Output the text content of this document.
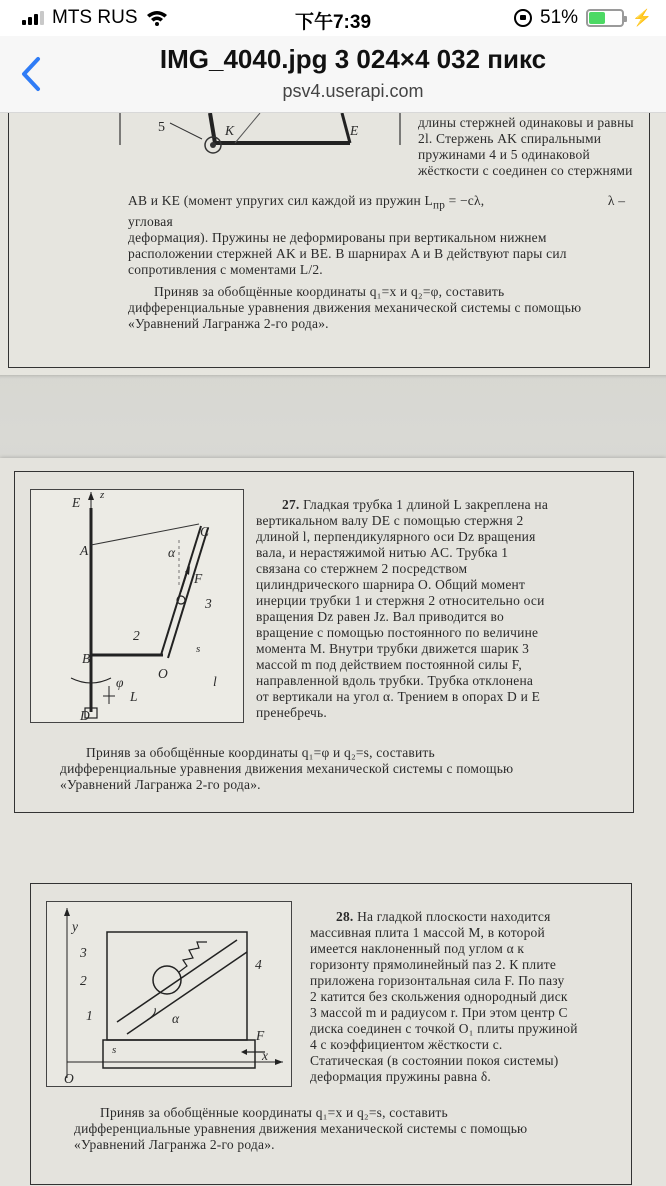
MTS RUS	下午7:39	51%	⚡
IMG_4040.jpg 3 024×4 032 пикс
psv4.userapi.com
5	K	E

длины стержней одинаковы и равны

2l. Стержень AK спиральными

пружинами 4 и 5 одинаковой

жёсткости с соединен со стержнями

AB и KE (момент упругих сил каждой из пружин $L_{пр} = -c\lambda$,	λ – угловая

деформация). Пружины не деформированы при вертикальном нижнем

расположении стержней AK и BE. В шарнирах A и B действуют пары сил

сопротивления с моментами L/2.

Приняв за обобщённые координаты q₁=x и q₂=φ, составить

дифференциальные уравнения движения механической системы с помощью

«Уравнений Лагранжа 2-го рода».

E z
C
A	α
F
3
2
B
O
s
φ
L
l
D

27. Гладкая трубка 1 длиной L закреплена на

вертикальном валу DE с помощью стержня 2

длиной l, перпендикулярного оси Dz вращения

вала, и нерастяжимой нитью AC. Трубка 1

связана со стержнем 2 посредством

цилиндрического шарнира O. Общий момент

инерции трубки 1 и стержня 2 относительно оси

вращения Dz равен Jz. Вал приводится во

вращение с помощью постоянного по величине

момента M. Внутри трубки движется шарик 3

массой m под действием постоянной силы F,

направленной вдоль трубки. Трубка отклонена

от вертикали на угол α. Трением в опорах D и E

пренебречь.

Приняв за обобщённые координаты q₁=φ и q₂=s, составить

дифференциальные уравнения движения механической системы с помощью

«Уравнений Лагранжа 2-го рода».

y
3
2
1
4
α
F
x
s
O

28. На гладкой плоскости находится

массивная плита 1 массой M, в которой

имеется наклоненный под углом α к

горизонту прямолинейный паз 2. К плите

приложена горизонтальная сила F. По пазу

2 катится без скольжения однородный диск

3 массой m и радиусом r. При этом центр C

диска соединен с точкой O₁ плиты пружиной

4 с коэффициентом жёсткости c.

Статическая (в состоянии покоя системы)

деформация пружины равна δ.

Приняв за обобщённые координаты q₁=x и q₂=s, составить

дифференциальные уравнения движения механической системы с помощью

«Уравнений Лагранжа 2-го рода».
